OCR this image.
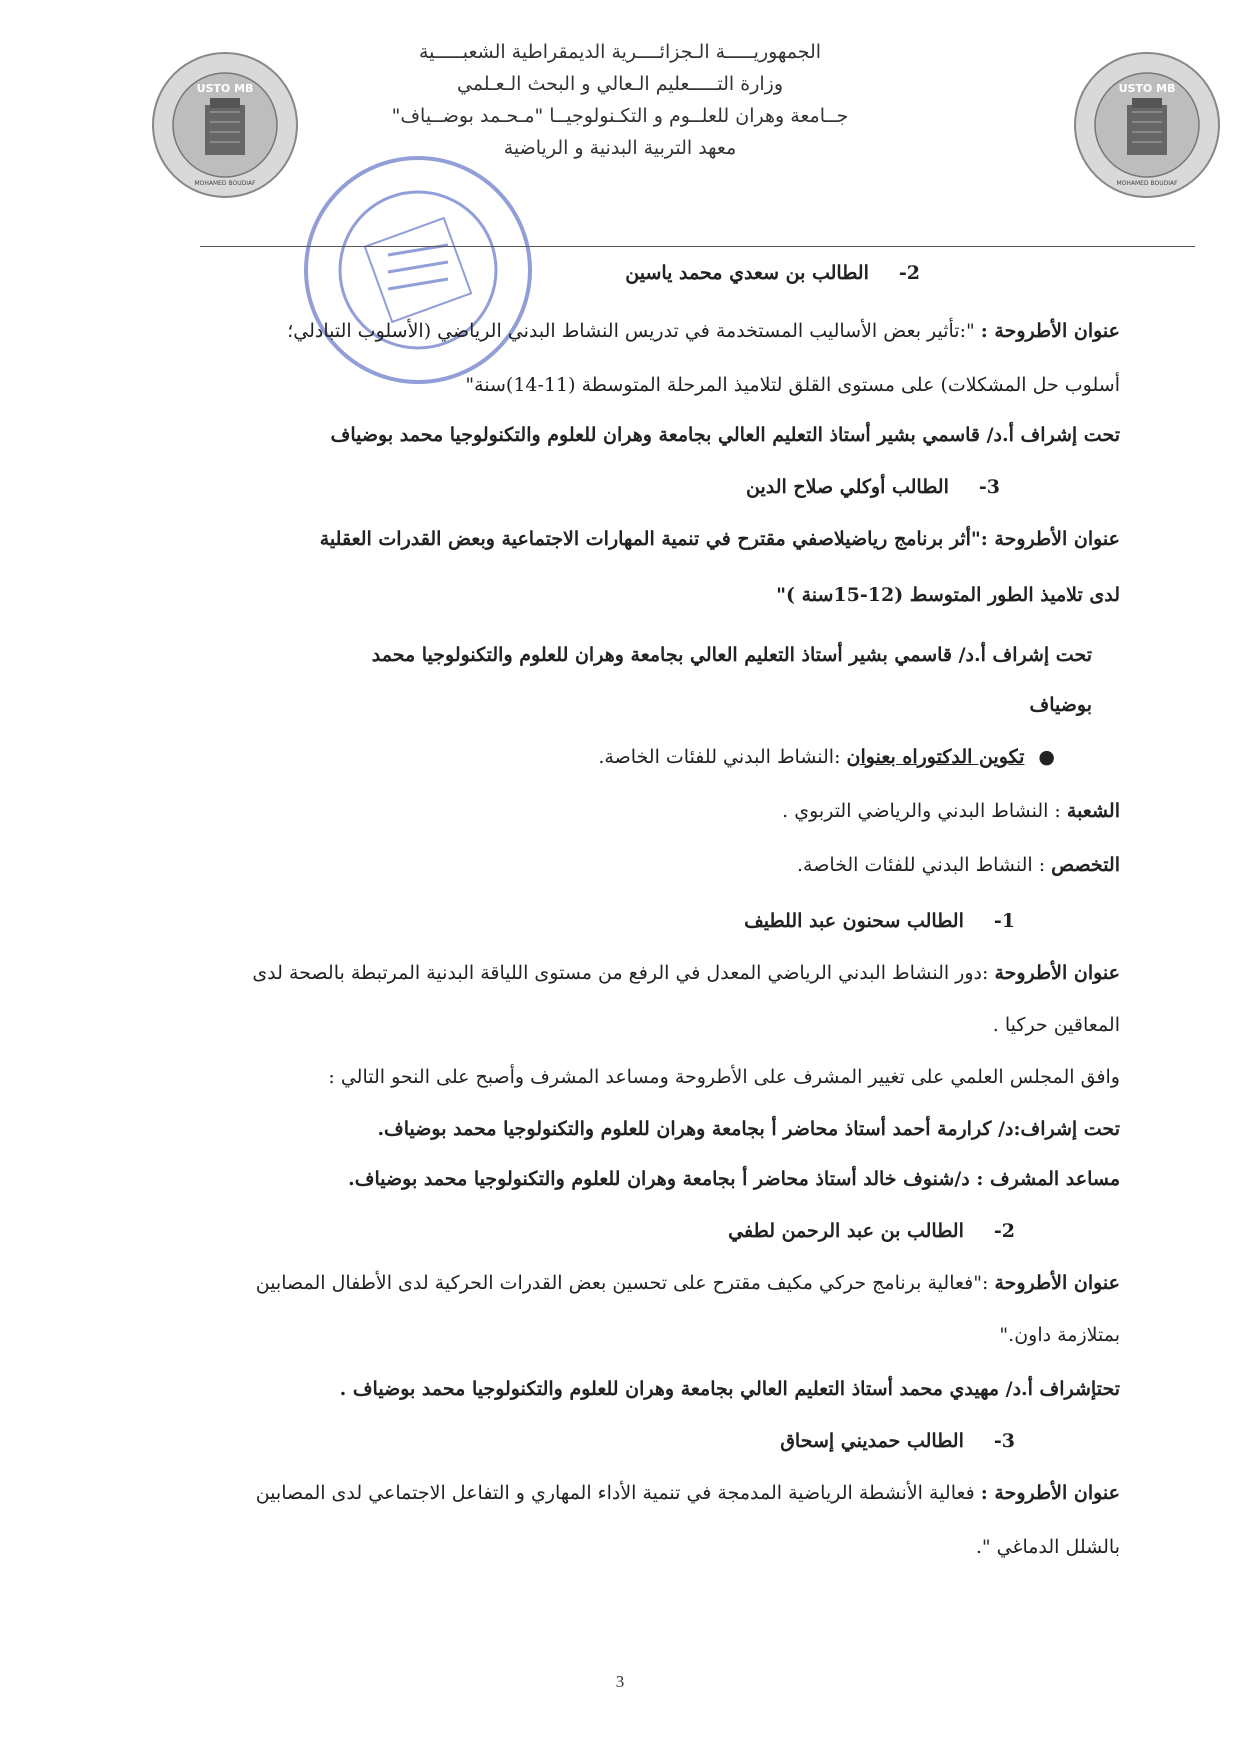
USTO MB
MOHAMED BOUDIAF
USTO MB
MOHAMED BOUDIAF
الجمهوريـــــة الـجزائــــرية الديمقراطية الشعبـــــية
وزارة التـــــعليم الـعالي و البحث الـعـلمي
جــامعة وهران للعلــوم و التكـنولوجيــا "مـحـمد بوضــياف"
معهد التربية البدنية و الرياضية
2-الطالب بن سعدي محمد ياسين
عنوان الأطروحة : ":تأثير بعض الأساليب المستخدمة في تدريس النشاط البدني الرياضي (الأسلوب التبادلي؛
أسلوب حل المشكلات) على مستوى القلق لتلاميذ المرحلة المتوسطة (11-14)سنة"
تحت إشراف أ.د/ قاسمي بشير أستاذ التعليم العالي بجامعة وهران للعلوم والتكنولوجيا محمد بوضياف
3-الطالب أوكلي صلاح الدين
عنوان الأطروحة :"أثر برنامج رياضيلاصفي مقترح في تنمية المهارات الاجتماعية وبعض القدرات العقلية
لدى تلاميذ الطور المتوسط (12-15سنة )"
تحت إشراف أ.د/ قاسمي بشير أستاذ التعليم العالي بجامعة وهران للعلوم والتكنولوجيا محمد
بوضياف
●تكوين الدكتوراه بعنوان :النشاط البدني للفئات الخاصة.
الشعبة : النشاط البدني والرياضي التربوي .
التخصص : النشاط البدني للفئات الخاصة.
1-الطالب سحنون عبد اللطيف
عنوان الأطروحة :دور النشاط البدني الرياضي المعدل في الرفع من مستوى اللياقة البدنية المرتبطة بالصحة لدى
المعاقين حركيا .
وافق المجلس العلمي على تغيير المشرف على الأطروحة ومساعد المشرف وأصبح على النحو التالي :
تحت إشراف:د/ كرارمة أحمد أستاذ محاضر أ بجامعة وهران للعلوم والتكنولوجيا محمد بوضياف.
مساعد المشرف : د/شنوف خالد أستاذ محاضر أ بجامعة وهران للعلوم والتكنولوجيا محمد بوضياف.
2-الطالب بن عبد الرحمن لطفي
عنوان الأطروحة :"فعالية برنامج حركي مكيف مقترح على تحسين بعض القدرات الحركية لدى الأطفال المصابين
بمتلازمة داون."
تحتإشراف أ.د/ مهيدي محمد أستاذ التعليم العالي بجامعة وهران للعلوم والتكنولوجيا محمد بوضياف .
3-الطالب حمديني إسحاق
عنوان الأطروحة : فعالية الأنشطة الرياضية المدمجة في تنمية الأداء المهاري و التفاعل الاجتماعي لدى المصابين
بالشلل الدماغي ".
3
